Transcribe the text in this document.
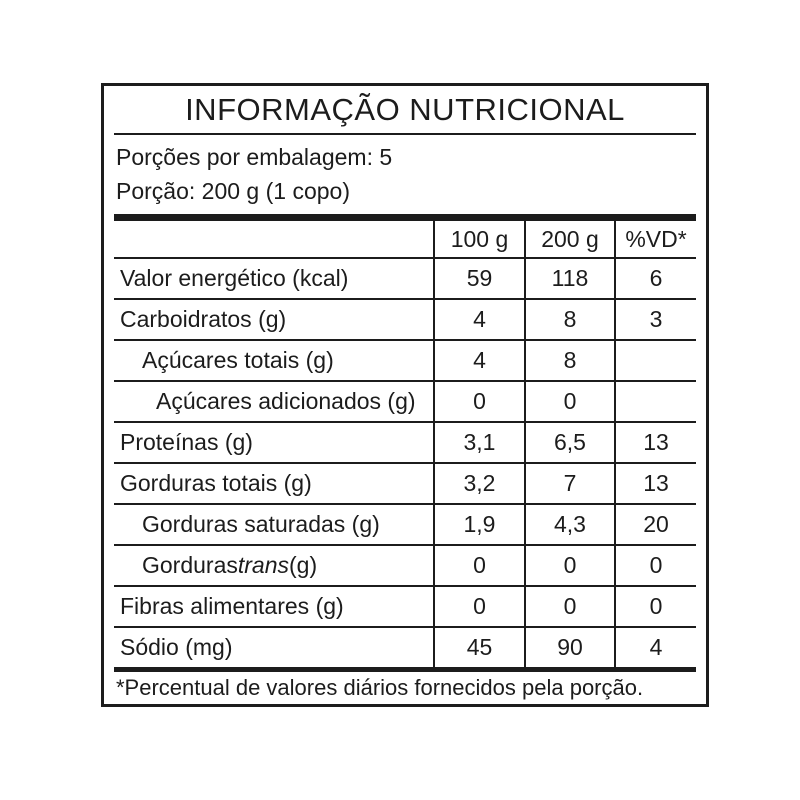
INFORMAÇÃO NUTRICIONAL
Porções por embalagem: 5
Porção: 200 g (1 copo)
100 g	200 g	%VD*
Valor energético (kcal)	59	118	6
Carboidratos (g)	4	8	3
Açúcares totais (g)	4	8
Açúcares adicionados (g)	0	0
Proteínas (g)	3,1	6,5	13
Gorduras totais (g)	3,2	7	13
Gorduras saturadas (g)	1,9	4,3	20
Gorduras trans (g)	0	0	0
Fibras alimentares (g)	0	0	0
Sódio (mg)	45	90	4
*Percentual de valores diários fornecidos pela porção.
